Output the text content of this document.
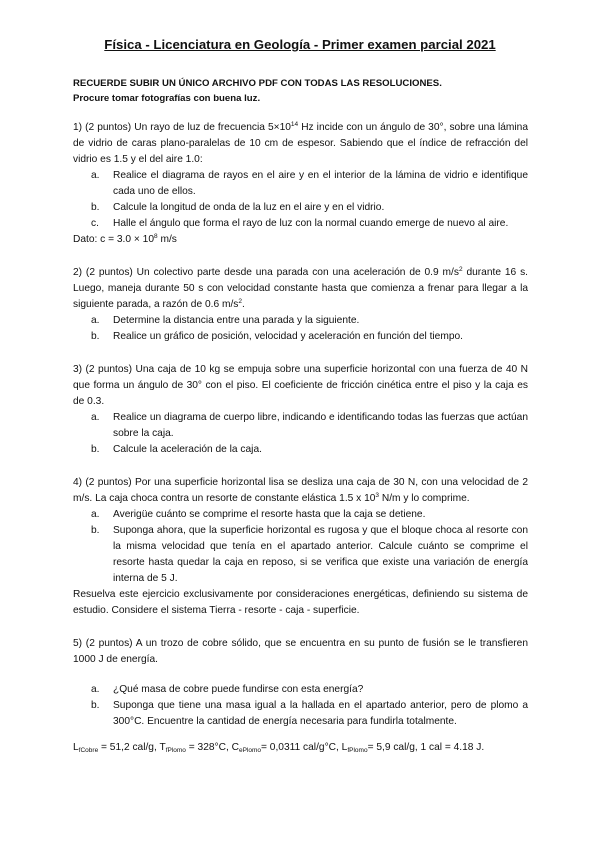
Física - Licenciatura en Geología - Primer examen parcial 2021
RECUERDE SUBIR UN ÚNICO ARCHIVO PDF CON TODAS LAS RESOLUCIONES.
Procure tomar fotografías con buena luz.

1) (2 puntos) Un rayo de luz de frecuencia $5\times 10^{14}$ Hz incide con un ángulo de 30°, sobre una lámina de vidrio de caras plano-paralelas de 10 cm de espesor. Sabiendo que el índice de refracción del vidrio es 1.5 y el del aire 1.0:

a. Realice el diagrama de rayos en el aire y en el interior de la lámina de vidrio e identifique cada uno de ellos.
b. Calcule la longitud de onda de la luz en el aire y en el vidrio.
c. Halle el ángulo que forma el rayo de luz con la normal cuando emerge de nuevo al aire.

Dato: $c = 3.0 \times 10^8$ m/s

2) (2 puntos) Un colectivo parte desde una parada con una aceleración de 0.9 $m/s^2$ durante 16 s. Luego, maneja durante 50 s con velocidad constante hasta que comienza a frenar para llegar a la siguiente parada, a razón de 0.6 $m/s^2$.

a. Determine la distancia entre una parada y la siguiente.
b. Realice un gráfico de posición, velocidad y aceleración en función del tiempo.

3) (2 puntos) Una caja de 10 kg se empuja sobre una superficie horizontal con una fuerza de 40 N que forma un ángulo de 30° con el piso. El coeficiente de fricción cinética entre el piso y la caja es de 0.3.

a. Realice un diagrama de cuerpo libre, indicando e identificando todas las fuerzas que actúan sobre la caja.
b. Calcule la aceleración de la caja.

4) (2 puntos) Por una superficie horizontal lisa se desliza una caja de 30 N, con una velocidad de 2 m/s. La caja choca contra un resorte de constante elástica 1.5 x $10^3$ N/m y lo comprime.

a. Averigüe cuánto se comprime el resorte hasta que la caja se detiene.
b. Suponga ahora, que la superficie horizontal es rugosa y que el bloque choca al resorte con la misma velocidad que tenía en el apartado anterior. Calcule cuánto se comprime el resorte hasta quedar la caja en reposo, si se verifica que existe una variación de energía interna de 5 J.

Resuelva este ejercicio exclusivamente por consideraciones energéticas, definiendo su sistema de estudio. Considere el sistema Tierra - resorte - caja - superficie.

5) (2 puntos) A un trozo de cobre sólido, que se encuentra en su punto de fusión se le transfieren 1000 J de energía.

a. ¿Qué masa de cobre puede fundirse con esta energía?
b. Suponga que tiene una masa igual a la hallada en el apartado anterior, pero de plomo a 300°C. Encuentre la cantidad de energía necesaria para fundirla totalmente.
$L_{fCobre} = 51,2$ cal/g, $T_{fPlomo} = 328^\circ C$, $C_{ePlomo}= 0,0311$ cal/g°C, $L_{fPlomo}= 5,9$ cal/g, 1 cal = 4.18 J.
